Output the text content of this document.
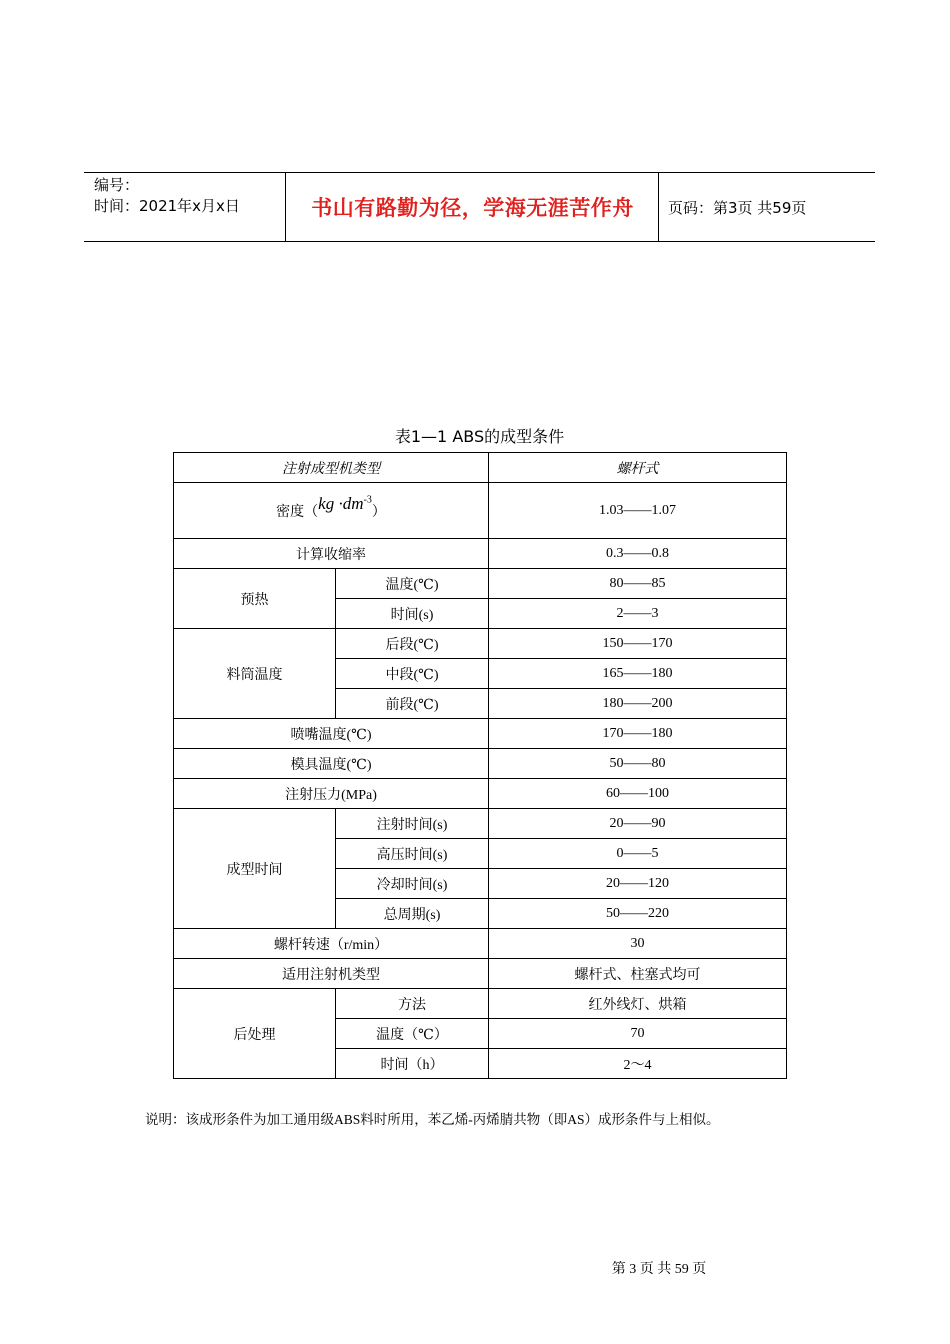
编号：
时间：2021年x月x日	书山有路勤为径，学海无涯苦作舟	页码：第3页 共59页
表1—1 ABS的成型条件
注射成型机类型		螺杆式
密度$(kg \cdot dm^{-3})$		1.03——1.07
计算收缩率		0.3——0.8
预热	温度(℃)	80——85
	时间(s)	2——3
料筒温度	后段(℃)	150——170
	中段(℃)	165——180
	前段(℃)	180——200
喷嘴温度(℃)		170——180
模具温度(℃)		50——80
注射压力(MPa)		60——100
成型时间	注射时间(s)	20——90
	高压时间(s)	0——5
	冷却时间(s)	20——120
	总周期(s)	50——220
螺杆转速（r/min）		30
适用注射机类型		螺杆式、柱塞式均可
后处理	方法	红外线灯、烘箱
	温度（℃）	70
	时间（h）	2～4
说明：该成形条件为加工通用级ABS料时所用，苯乙烯-丙烯腈共物（即AS）成形条件与上相似。
第 3 页 共 59 页
